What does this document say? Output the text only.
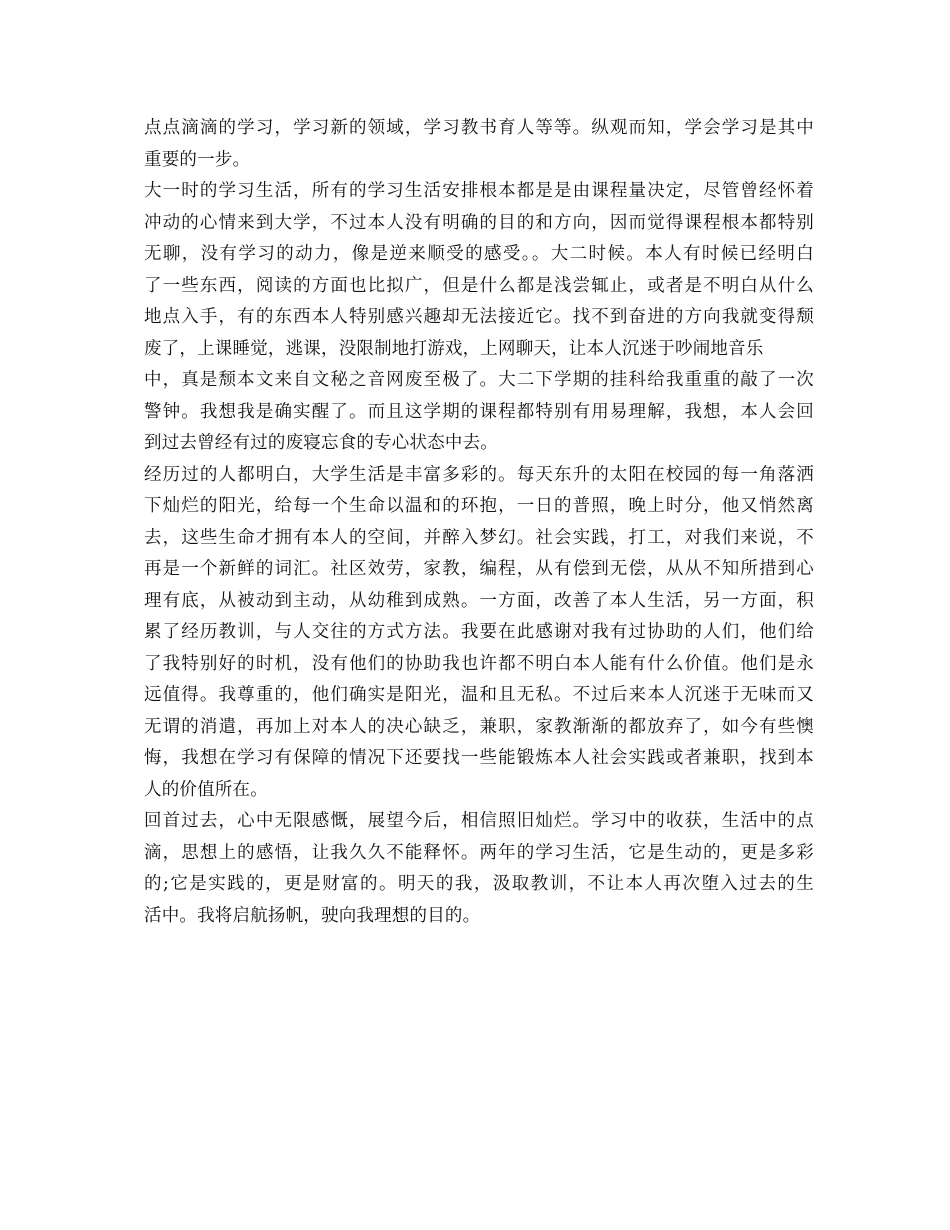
点点滴滴的学习，学习新的领域，学习教书育人等等。纵观而知，学会学习是其中
重要的一步。
大一时的学习生活，所有的学习生活安排根本都是是由课程量决定，尽管曾经怀着
冲动的心情来到大学，不过本人没有明确的目的和方向，因而觉得课程根本都特别
无聊，没有学习的动力，像是逆来顺受的感受。。大二时候。本人有时候已经明白
了一些东西，阅读的方面也比拟广，但是什么都是浅尝辄止，或者是不明白从什么
地点入手，有的东西本人特别感兴趣却无法接近它。找不到奋进的方向我就变得颓
废了，上课睡觉，逃课，没限制地打游戏，上网聊天，让本人沉迷于吵闹地音乐
中，真是颓本文来自文秘之音网废至极了。大二下学期的挂科给我重重的敲了一次
警钟。我想我是确实醒了。而且这学期的课程都特别有用易理解，我想，本人会回
到过去曾经有过的废寝忘食的专心状态中去。
经历过的人都明白，大学生活是丰富多彩的。每天东升的太阳在校园的每一角落洒
下灿烂的阳光，给每一个生命以温和的环抱，一日的普照，晚上时分，他又悄然离
去，这些生命才拥有本人的空间，并醉入梦幻。社会实践，打工，对我们来说，不
再是一个新鲜的词汇。社区效劳，家教，编程，从有偿到无偿，从从不知所措到心
理有底，从被动到主动，从幼稚到成熟。一方面，改善了本人生活，另一方面，积
累了经历教训，与人交往的方式方法。我要在此感谢对我有过协助的人们，他们给
了我特别好的时机，没有他们的协助我也许都不明白本人能有什么价值。他们是永
远值得。我尊重的，他们确实是阳光，温和且无私。不过后来本人沉迷于无味而又
无谓的消遣，再加上对本人的决心缺乏，兼职，家教渐渐的都放弃了，如今有些懊
悔，我想在学习有保障的情况下还要找一些能锻炼本人社会实践或者兼职，找到本
人的价值所在。
回首过去，心中无限感慨，展望今后，相信照旧灿烂。学习中的收获，生活中的点
滴，思想上的感悟，让我久久不能释怀。两年的学习生活，它是生动的，更是多彩
的;它是实践的，更是财富的。明天的我，汲取教训，不让本人再次堕入过去的生
活中。我将启航扬帆，驶向我理想的目的。
